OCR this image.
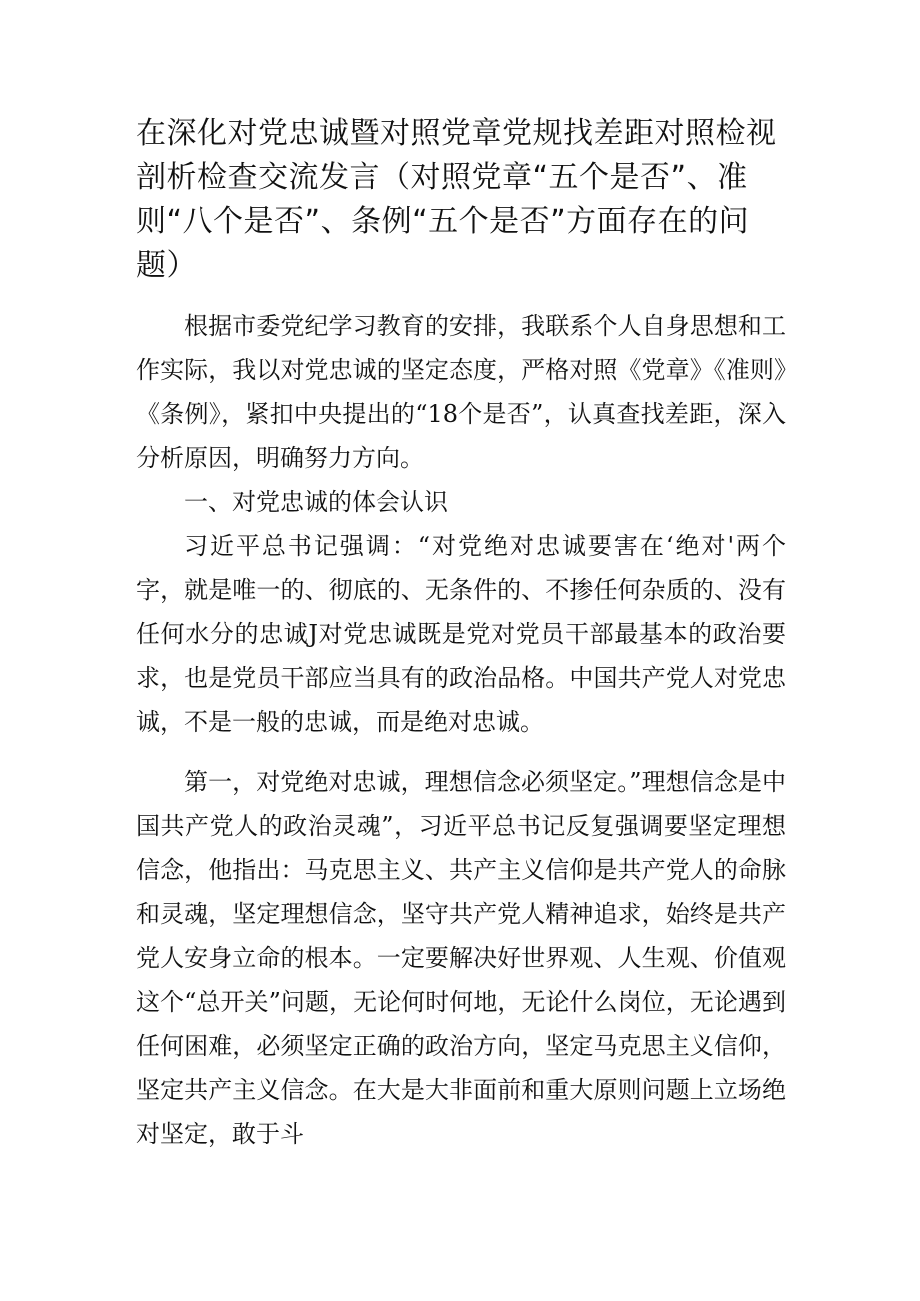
在深化对党忠诚暨对照党章党规找差距对照检视剖析检查交流发言（对照党章“五个是否”、准则“八个是否”、条例“五个是否”方面存在的问题）

根据市委党纪学习教育的安排，我联系个人自身思想和工作实际，我以对党忠诚的坚定态度，严格对照《党章》《准则》《条例》，紧扣中央提出的“18个是否”，认真查找差距，深入分析原因，明确努力方向。

一、对党忠诚的体会认识

习近平总书记强调：“对党绝对忠诚要害在‘绝对'两个字，就是唯一的、彻底的、无条件的、不掺任何杂质的、没有任何水分的忠诚J对党忠诚既是党对党员干部最基本的政治要求，也是党员干部应当具有的政治品格。中国共产党人对党忠诚，不是一般的忠诚，而是绝对忠诚。

第一，对党绝对忠诚，理想信念必须坚定。”理想信念是中国共产党人的政治灵魂”，习近平总书记反复强调要坚定理想信念，他指出：马克思主义、共产主义信仰是共产党人的命脉和灵魂，坚定理想信念，坚守共产党人精神追求，始终是共产党人安身立命的根本。一定要解决好世界观、人生观、价值观这个“总开关”问题，无论何时何地，无论什么岗位，无论遇到任何困难，必须坚定正确的政治方向，坚定马克思主义信仰，坚定共产主义信念。在大是大非面前和重大原则问题上立场绝对坚定，敢于斗
